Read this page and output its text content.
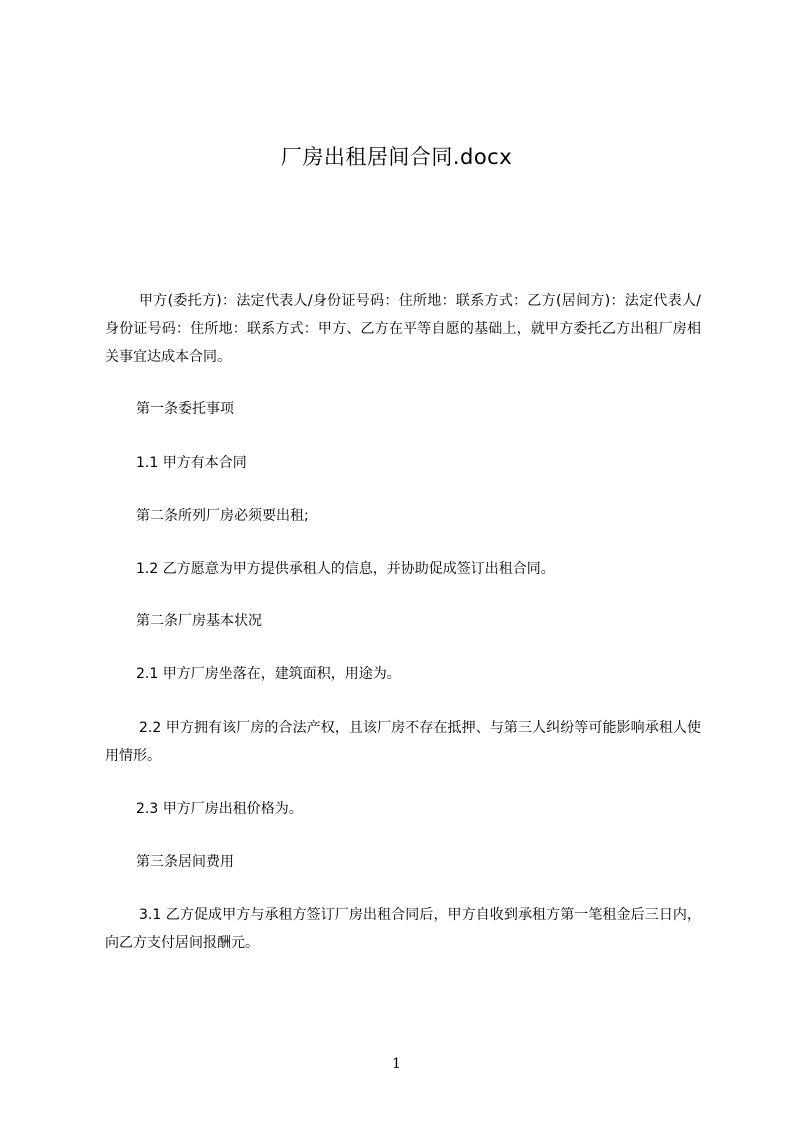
厂房出租居间合同.docx

甲方(委托方)：法定代表人/身份证号码：住所地：联系方式：乙方(居间方)：法定代表人/身份证号码：住所地：联系方式：甲方、乙方在平等自愿的基础上，就甲方委托乙方出租厂房相关事宜达成本合同。

第一条委托事项

1.1 甲方有本合同

第二条所列厂房必须要出租;

1.2 乙方愿意为甲方提供承租人的信息，并协助促成签订出租合同。

第二条厂房基本状况

2.1 甲方厂房坐落在，建筑面积，用途为。

2.2 甲方拥有该厂房的合法产权，且该厂房不存在抵押、与第三人纠纷等可能影响承租人使用情形。

2.3 甲方厂房出租价格为。

第三条居间费用

3.1 乙方促成甲方与承租方签订厂房出租合同后，甲方自收到承租方第一笔租金后三日内，向乙方支付居间报酬元。

1
